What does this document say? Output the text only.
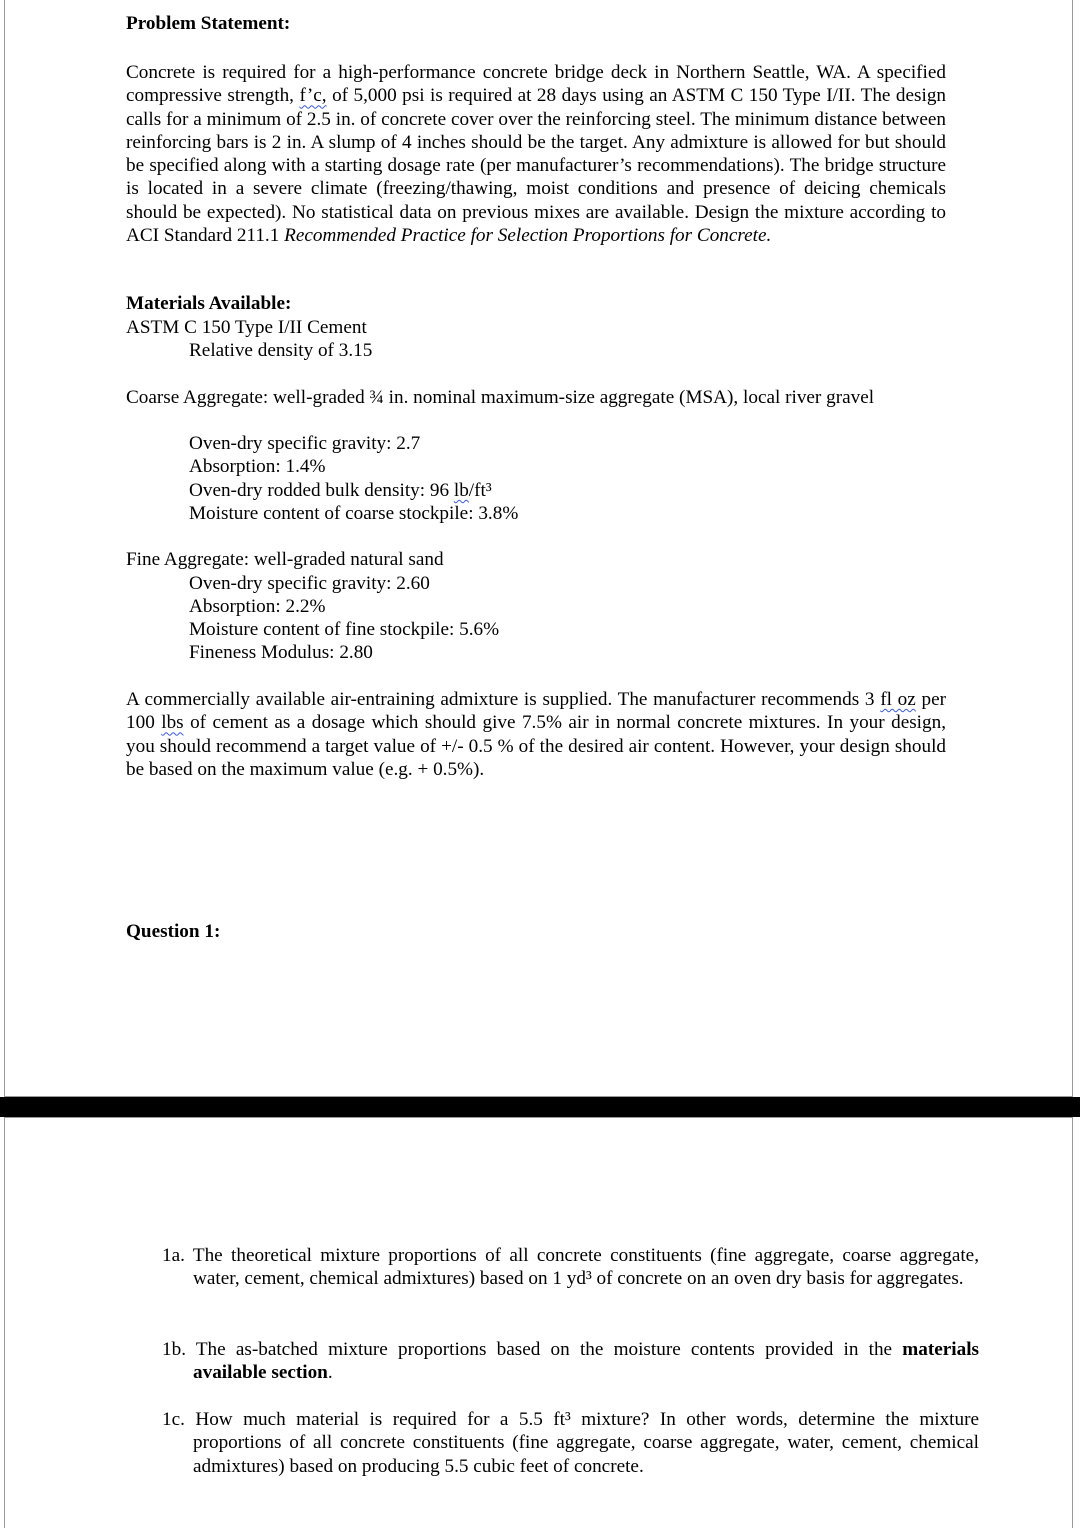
Problem Statement:

Concrete is required for a high-performance concrete bridge deck in Northern Seattle, WA. A specified compressive strength, f’c, of 5,000 psi is required at 28 days using an ASTM C 150 Type I/II. The design calls for a minimum of 2.5 in. of concrete cover over the reinforcing steel. The minimum distance between reinforcing bars is 2 in. A slump of 4 inches should be the target. Any admixture is allowed for but should be specified along with a starting dosage rate (per manufacturer’s recommendations). The bridge structure is located in a severe climate (freezing/thawing, moist conditions and presence of deicing chemicals should be expected). No statistical data on previous mixes are available. Design the mixture according to ACI Standard 211.1 Recommended Practice for Selection Proportions for Concrete.

Materials Available:
ASTM C 150 Type I/II Cement
Relative density of 3.15
Coarse Aggregate: well-graded ¾ in. nominal maximum-size aggregate (MSA), local river gravel
Oven-dry specific gravity: 2.7
Absorption: 1.4%
Oven-dry rodded bulk density: 96 lb/ft³
Moisture content of coarse stockpile: 3.8%
Fine Aggregate: well-graded natural sand
Oven-dry specific gravity: 2.60
Absorption: 2.2%
Moisture content of fine stockpile: 5.6%
Fineness Modulus: 2.80

A commercially available air-entraining admixture is supplied. The manufacturer recommends 3 fl oz per 100 lbs of cement as a dosage which should give 7.5% air in normal concrete mixtures. In your design, you should recommend a target value of +/- 0.5 % of the desired air content. However, your design should be based on the maximum value (e.g. + 0.5%).

Question 1:

1a. The theoretical mixture proportions of all concrete constituents (fine aggregate, coarse aggregate, water, cement, chemical admixtures) based on 1 yd³ of concrete on an oven dry basis for aggregates.

1b. The as-batched mixture proportions based on the moisture contents provided in the materials available section.

1c. How much material is required for a 5.5 ft³ mixture? In other words, determine the mixture proportions of all concrete constituents (fine aggregate, coarse aggregate, water, cement, chemical admixtures) based on producing 5.5 cubic feet of concrete.
